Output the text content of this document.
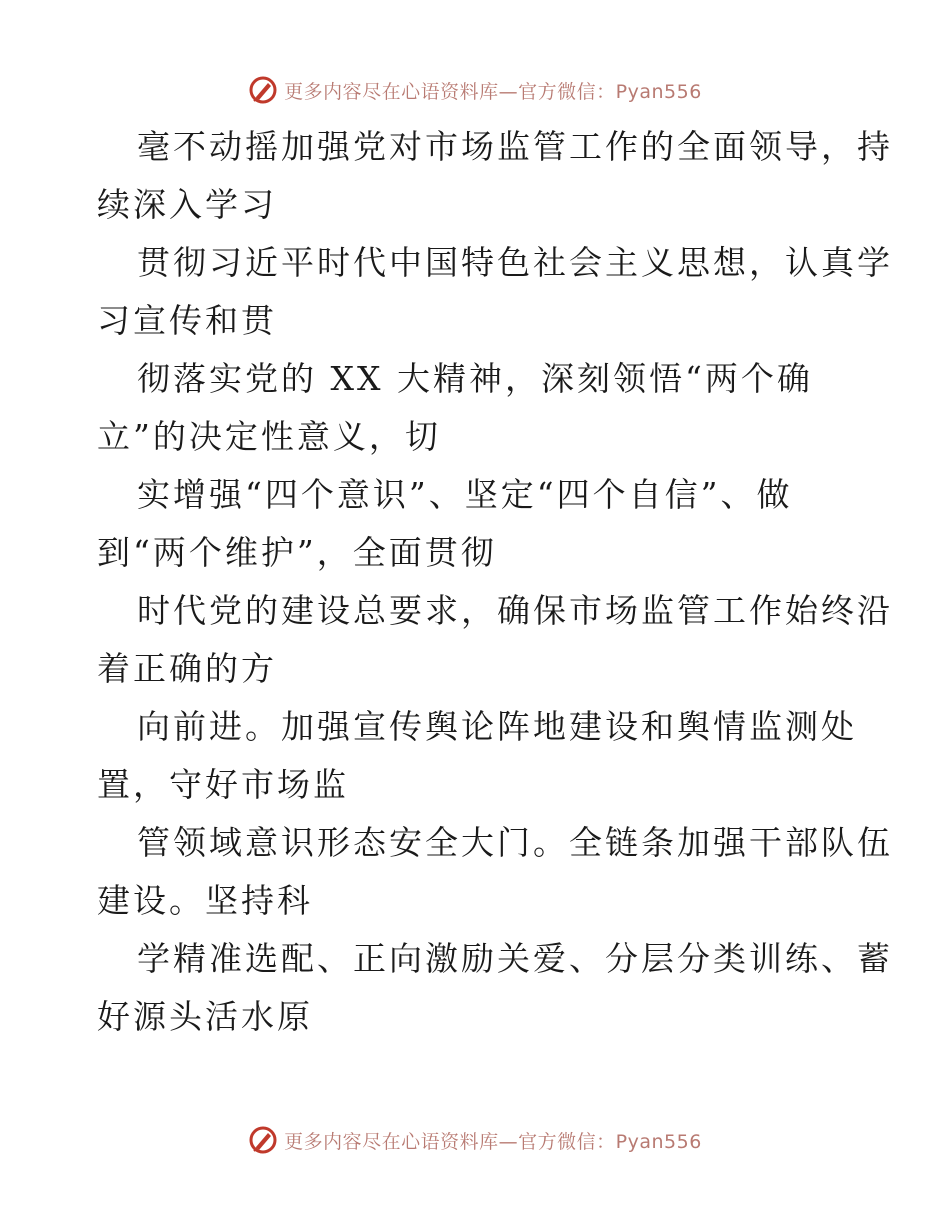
更多内容尽在心语资料库—官方微信：Pyan556

毫不动摇加强党对市场监管工作的全面领导，持
续深入学习

贯彻习近平时代中国特色社会主义思想，认真学
习宣传和贯

彻落实党的 XX 大精神，深刻领悟“两个确
立”的决定性意义，切

实增强“四个意识”、坚定“四个自信”、做
到“两个维护”，全面贯彻

时代党的建设总要求，确保市场监管工作始终沿
着正确的方

向前进。加强宣传舆论阵地建设和舆情监测处
置，守好市场监

管领域意识形态安全大门。全链条加强干部队伍
建设。坚持科

学精准选配、正向激励关爱、分层分类训练、蓄
好源头活水原

更多内容尽在心语资料库—官方微信：Pyan556
